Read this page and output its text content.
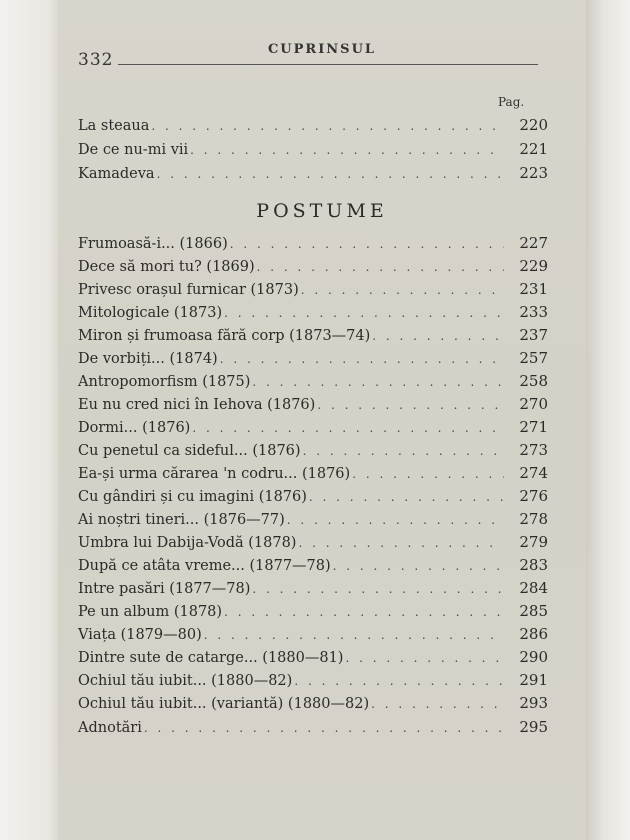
332
CUPRINSUL
Pag.
La steaua . . .	220
De ce nu-mi vii . . .	221
Kamadeva . . .	223
POSTUME
Frumoasă-i... (1866) . . .	227
Dece să mori tu? (1869) . . .	229
Privesc orașul furnicar (1873) . . .	231
Mitologicale (1873) . . .	233
Miron și frumoasa fără corp (1873—74) . . .	237
De vorbiți... (1874) . . .	257
Antropomorfism (1875) . . .	258
Eu nu cred nici în Iehova (1876) . . .	270
Dormi... (1876) . . .	271
Cu penetul ca sideful... (1876) . . .	273
Ea-și urma cărarea 'n codru... (1876) . . .	274
Cu gândiri și cu imagini (1876) . . .	276
Ai noștri tineri... (1876—77) . . .	278
Umbra lui Dabija-Vodă (1878) . . .	279
După ce atâta vreme... (1877—78) . . .	283
Intre pasări (1877—78) . . .	284
Pe un album (1878) . . .	285
Viața (1879—80) . . .	286
Dintre sute de catarge... (1880—81) . . .	290
Ochiul tău iubit... (1880—82) . . .	291
Ochiul tău iubit... (variantă) (1880—82) . . .	293
Adnotări . . .	295
